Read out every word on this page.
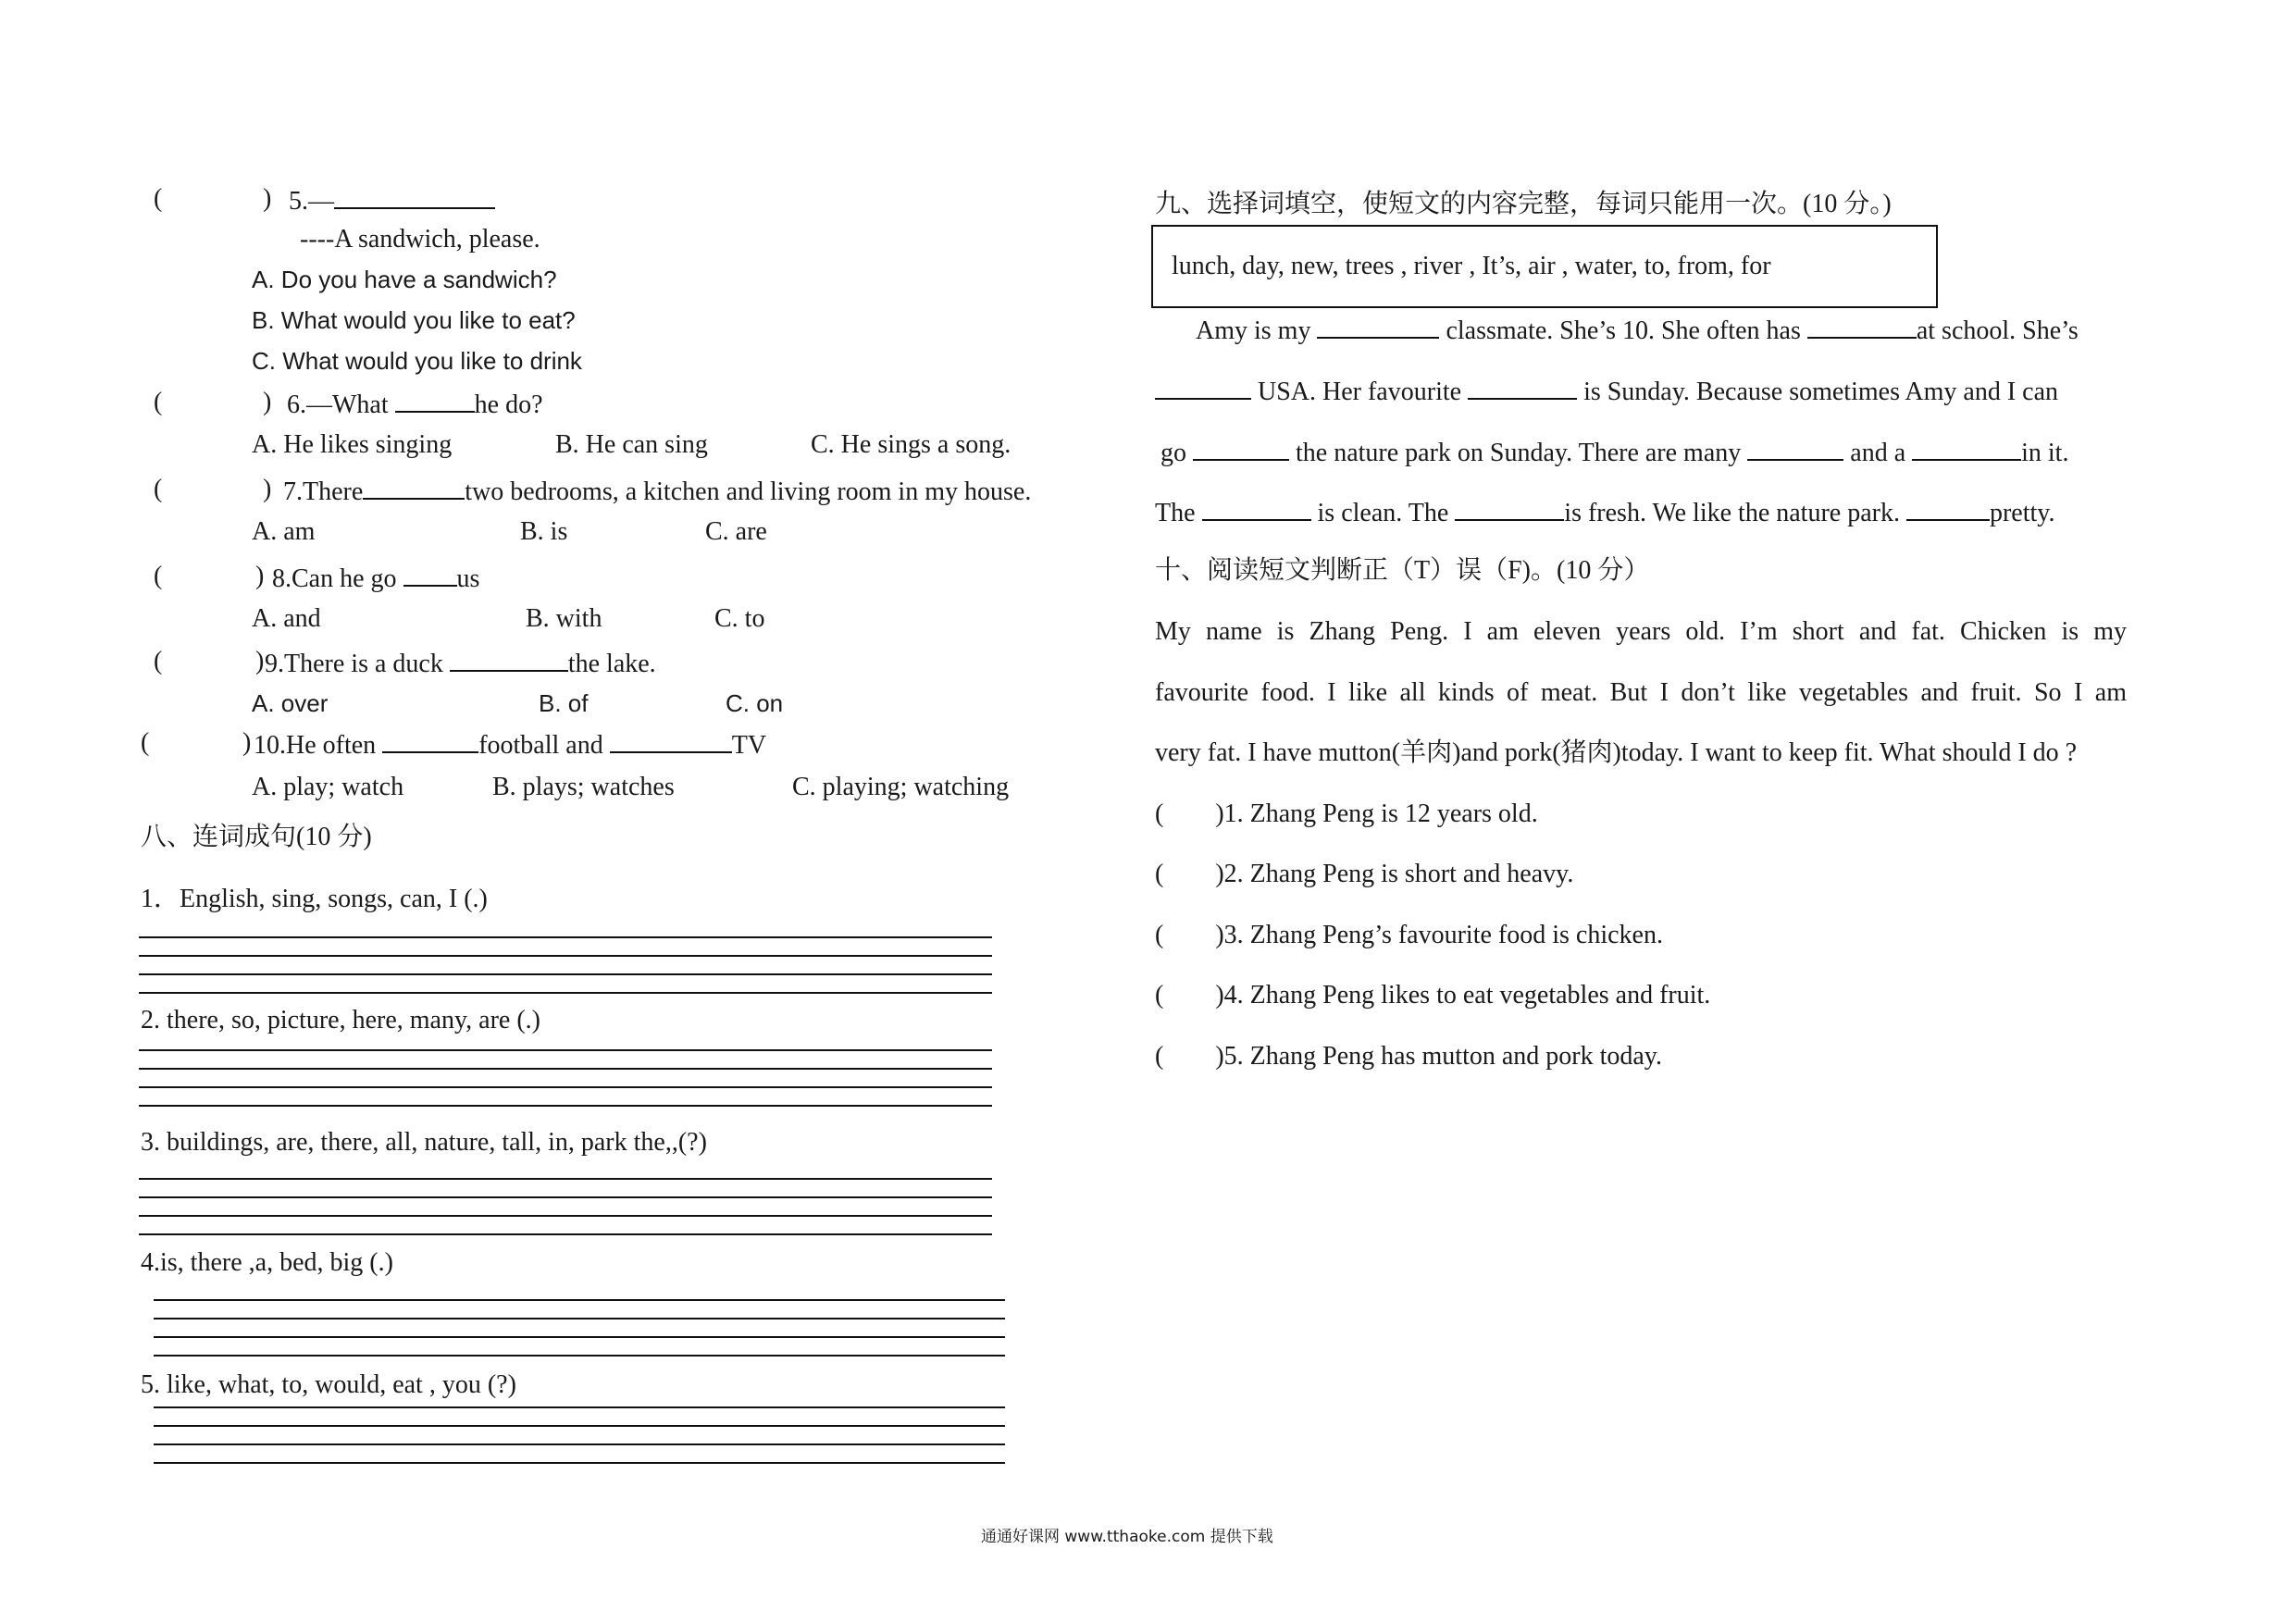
(	) 5.—
----A sandwich, please.
A. Do you have a sandwich?
B. What would you like to eat?
C. What would you like to drink
(	) 6.—What	he do?
A. He likes singing	B. He can sing	C. He sings a song.
(	) 7.There	two bedrooms, a kitchen and living room in my house.
A. am	B. is	C. are
(	) 8.Can he go us
A. and	B. with	C. to
(	) 9.There is a duck	the lake.
A. over	B. of	C. on
(	) 10.He often	football and	TV
A. play; watch	B. plays; watches	C. playing; watching
八、连词成句(10 分)
1．English, sing, songs, can, I (.)
2. there, so, picture, here, many, are (.)
3. buildings, are, there, all, nature, tall, in, park the,,(?)
4.is, there ,a, bed, big (.)
5. like, what, to, would, eat , you (?)
九、选择词填空，使短文的内容完整，每词只能用一次。(10 分。)
lunch, day, new, trees , river , It’s, air , water, to, from, for
Amy is my	classmate. She’s 10. She often has	at school. She’s
USA. Her favourite	is Sunday. Because sometimes Amy and I can
go	the nature park on Sunday. There are many	and a	in it.
The	is clean. The	is fresh. We like the nature park.	pretty.
十、阅读短文判断正（T）误（F)。(10 分）
My name is Zhang Peng. I am eleven years old. I’m short and fat. Chicken is my
favourite food. I like all kinds of meat. But I don’t like vegetables and fruit. So I am
very fat. I have mutton(羊肉)and pork(猪肉)today. I want to keep fit. What should I do ?
(        )1. Zhang Peng is 12 years old.
(        )2. Zhang Peng is short and heavy.
(        )3. Zhang Peng’s favourite food is chicken.
(        )4. Zhang Peng likes to eat vegetables and fruit.
(        )5. Zhang Peng has mutton and pork today.
通通好课网 www.tthaoke.com 提供下载
